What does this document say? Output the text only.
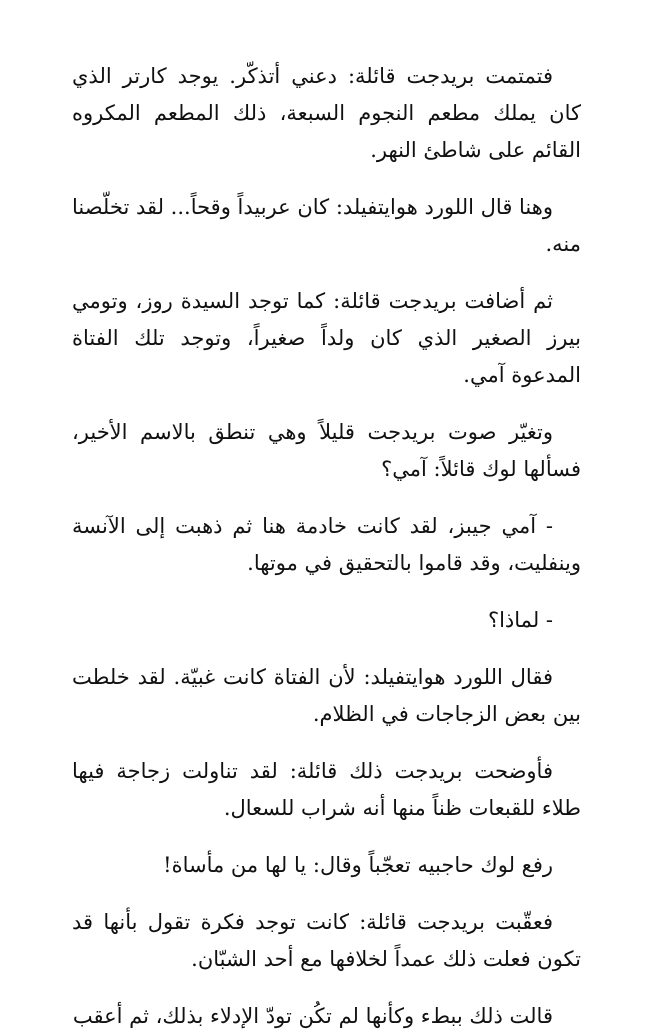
فتمتمت بريدجت قائلة: دعني أتذكّر. يوجد كارتر الذي كان يملك مطعم النجوم السبعة، ذلك المطعم المكروه القائم على شاطئ النهر.

وهنا قال اللورد هوايتفيلد: كان عربيداً وقحاً... لقد تخلّصنا منه.

ثم أضافت بريدجت قائلة: كما توجد السيدة روز، وتومي بيرز الصغير الذي كان ولداً صغيراً، وتوجد تلك الفتاة المدعوة آمي.

وتغيّر صوت بريدجت قليلاً وهي تنطق بالاسم الأخير، فسألها لوك قائلاً: آمي؟

- آمي جيبز، لقد كانت خادمة هنا ثم ذهبت إلى الآنسة وينفليت، وقد قاموا بالتحقيق في موتها.

- لماذا؟

فقال اللورد هوايتفيلد: لأن الفتاة كانت غبيّة. لقد خلطت بين بعض الزجاجات في الظلام.

فأوضحت بريدجت ذلك قائلة: لقد تناولت زجاجة فيها طلاء للقبعات ظناً منها أنه شراب للسعال.

رفع لوك حاجبيه تعجّباً وقال: يا لها من مأساة!

فعقّبت بريدجت قائلة: كانت توجد فكرة تقول بأنها قد تكون فعلت ذلك عمداً لخلافها مع أحد الشبّان.

قالت ذلك ببطء وكأنها لم تكُن تودّ الإدلاء بذلك، ثم أعقب
